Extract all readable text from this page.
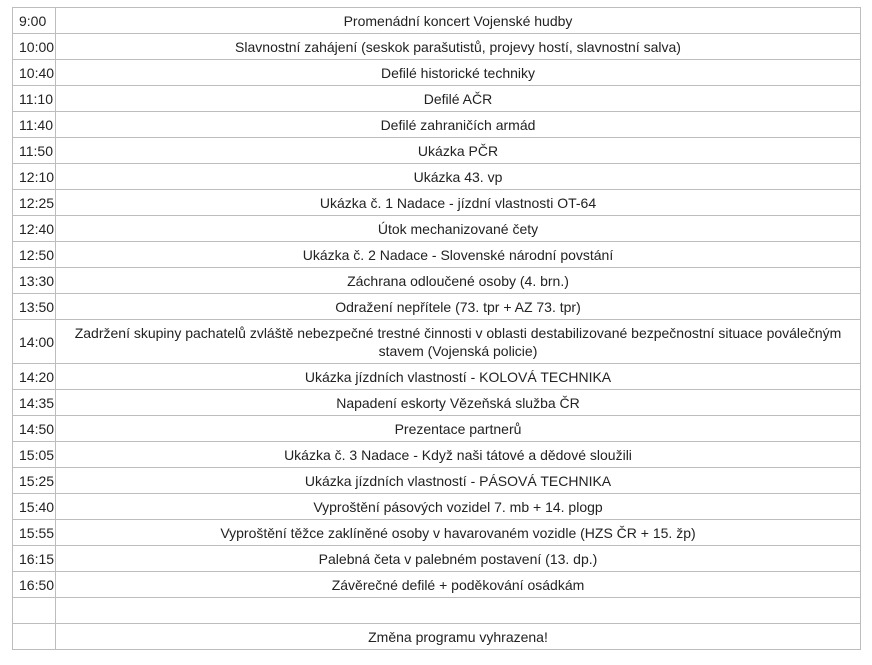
9:00	Promenádní koncert Vojenské hudby
10:00	Slavnostní zahájení (seskok parašutistů, projevy hostí, slavnostní salva)
10:40	Defilé historické techniky
11:10	Defilé AČR
11:40	Defilé zahraničích armád
11:50	Ukázka PČR
12:10	Ukázka 43. vp
12:25	Ukázka č. 1 Nadace - jízdní vlastnosti OT-64
12:40	Útok mechanizované čety
12:50	Ukázka č. 2 Nadace - Slovenské národní povstání
13:30	Záchrana odloučené osoby (4. brn.)
13:50	Odražení nepřítele (73. tpr + AZ 73. tpr)
14:00	Zadržení skupiny pachatelů zvláště nebezpečné trestné činnosti v oblasti destabilizované bezpečnostní situace poválečným stavem (Vojenská policie)
14:20	Ukázka jízdních vlastností - KOLOVÁ TECHNIKA
14:35	Napadení eskorty Vězeňská služba ČR
14:50	Prezentace partnerů
15:05	Ukázka č. 3 Nadace - Když naši tátové a dědové sloužili
15:25	Ukázka jízdních vlastností - PÁSOVÁ TECHNIKA
15:40	Vyproštění pásových vozidel 7. mb + 14. plogp
15:55	Vyproštění těžce zaklíněné osoby v havarovaném vozidle (HZS ČR + 15. žp)
16:15	Palebná četa v palebném postavení (13. dp.)
16:50	Závěrečné defilé + poděkování osádkám

	Změna programu vyhrazena!
